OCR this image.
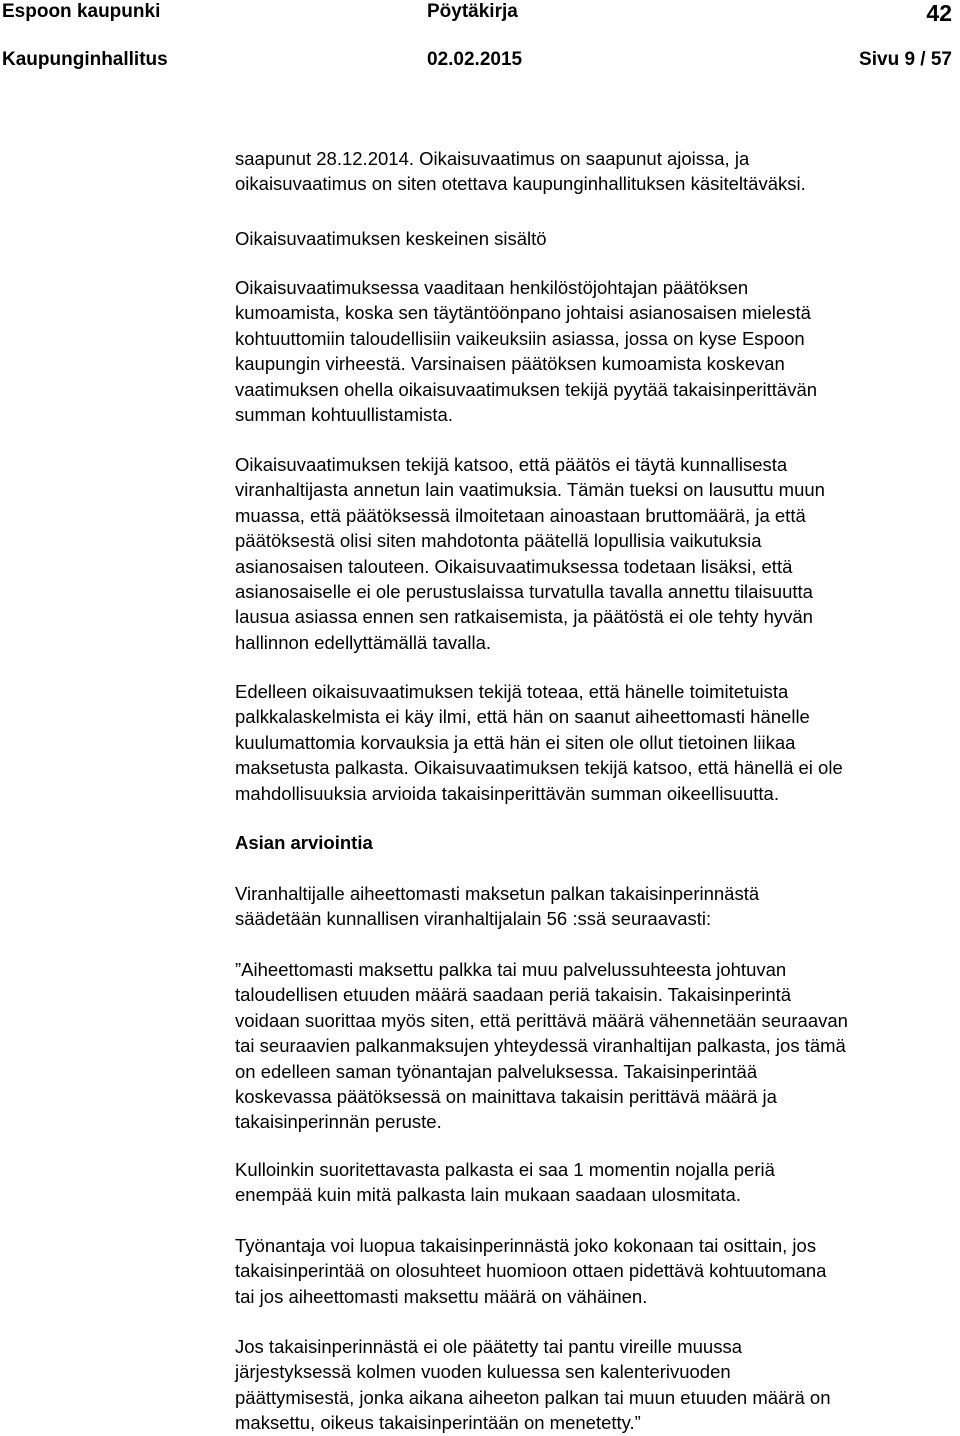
Espoon kaupunki	Pöytäkirja	42
Kaupunginhallitus	02.02.2015	Sivu 9 / 57
saapunut 28.12.2014. Oikaisuvaatimus on saapunut ajoissa, ja
oikaisuvaatimus on siten otettava kaupunginhallituksen käsiteltäväksi.
Oikaisuvaatimuksen keskeinen sisältö
Oikaisuvaatimuksessa vaaditaan henkilöstöjohtajan päätöksen
kumoamista, koska sen täytäntöönpano johtaisi asianosaisen mielestä
kohtuuttomiin taloudellisiin vaikeuksiin asiassa, jossa on kyse Espoon
kaupungin virheestä. Varsinaisen päätöksen kumoamista koskevan
vaatimuksen ohella oikaisuvaatimuksen tekijä pyytää takaisinperittävän
summan kohtuullistamista.
Oikaisuvaatimuksen tekijä katsoo, että päätös ei täytä kunnallisesta
viranhaltijasta annetun lain vaatimuksia. Tämän tueksi on lausuttu muun
muassa, että päätöksessä ilmoitetaan ainoastaan bruttomäärä, ja että
päätöksestä olisi siten mahdotonta päätellä lopullisia vaikutuksia
asianosaisen talouteen. Oikaisuvaatimuksessa todetaan lisäksi, että
asianosaiselle ei ole perustuslaissa turvatulla tavalla annettu tilaisuutta
lausua asiassa ennen sen ratkaisemista, ja päätöstä ei ole tehty hyvän
hallinnon edellyttämällä tavalla.
Edelleen oikaisuvaatimuksen tekijä toteaa, että hänelle toimitetuista
palkkalaskelmista ei käy ilmi, että hän on saanut aiheettomasti hänelle
kuulumattomia korvauksia ja että hän ei siten ole ollut tietoinen liikaa
maksetusta palkasta. Oikaisuvaatimuksen tekijä katsoo, että hänellä ei ole
mahdollisuuksia arvioida takaisinperittävän summan oikeellisuutta.
Asian arviointia
Viranhaltijalle aiheettomasti maksetun palkan takaisinperinnästä
säädetään kunnallisen viranhaltijalain 56 :ssä seuraavasti:
”Aiheettomasti maksettu palkka tai muu palvelussuhteesta johtuvan
taloudellisen etuuden määrä saadaan periä takaisin. Takaisinperintä
voidaan suorittaa myös siten, että perittävä määrä vähennetään seuraavan
tai seuraavien palkanmaksujen yhteydessä viranhaltijan palkasta, jos tämä
on edelleen saman työnantajan palveluksessa. Takaisinperintää
koskevassa päätöksessä on mainittava takaisin perittävä määrä ja
takaisinperinnän peruste.
Kulloinkin suoritettavasta palkasta ei saa 1 momentin nojalla periä
enempää kuin mitä palkasta lain mukaan saadaan ulosmitata.
Työnantaja voi luopua takaisinperinnästä joko kokonaan tai osittain, jos
takaisinperintää on olosuhteet huomioon ottaen pidettävä kohtuutomana
tai jos aiheettomasti maksettu määrä on vähäinen.
Jos takaisinperinnästä ei ole päätetty tai pantu vireille muussa
järjestyksessä kolmen vuoden kuluessa sen kalenterivuoden
päättymisestä, jonka aikana aiheeton palkan tai muun etuuden määrä on
maksettu, oikeus takaisinperintään on menetetty.”
